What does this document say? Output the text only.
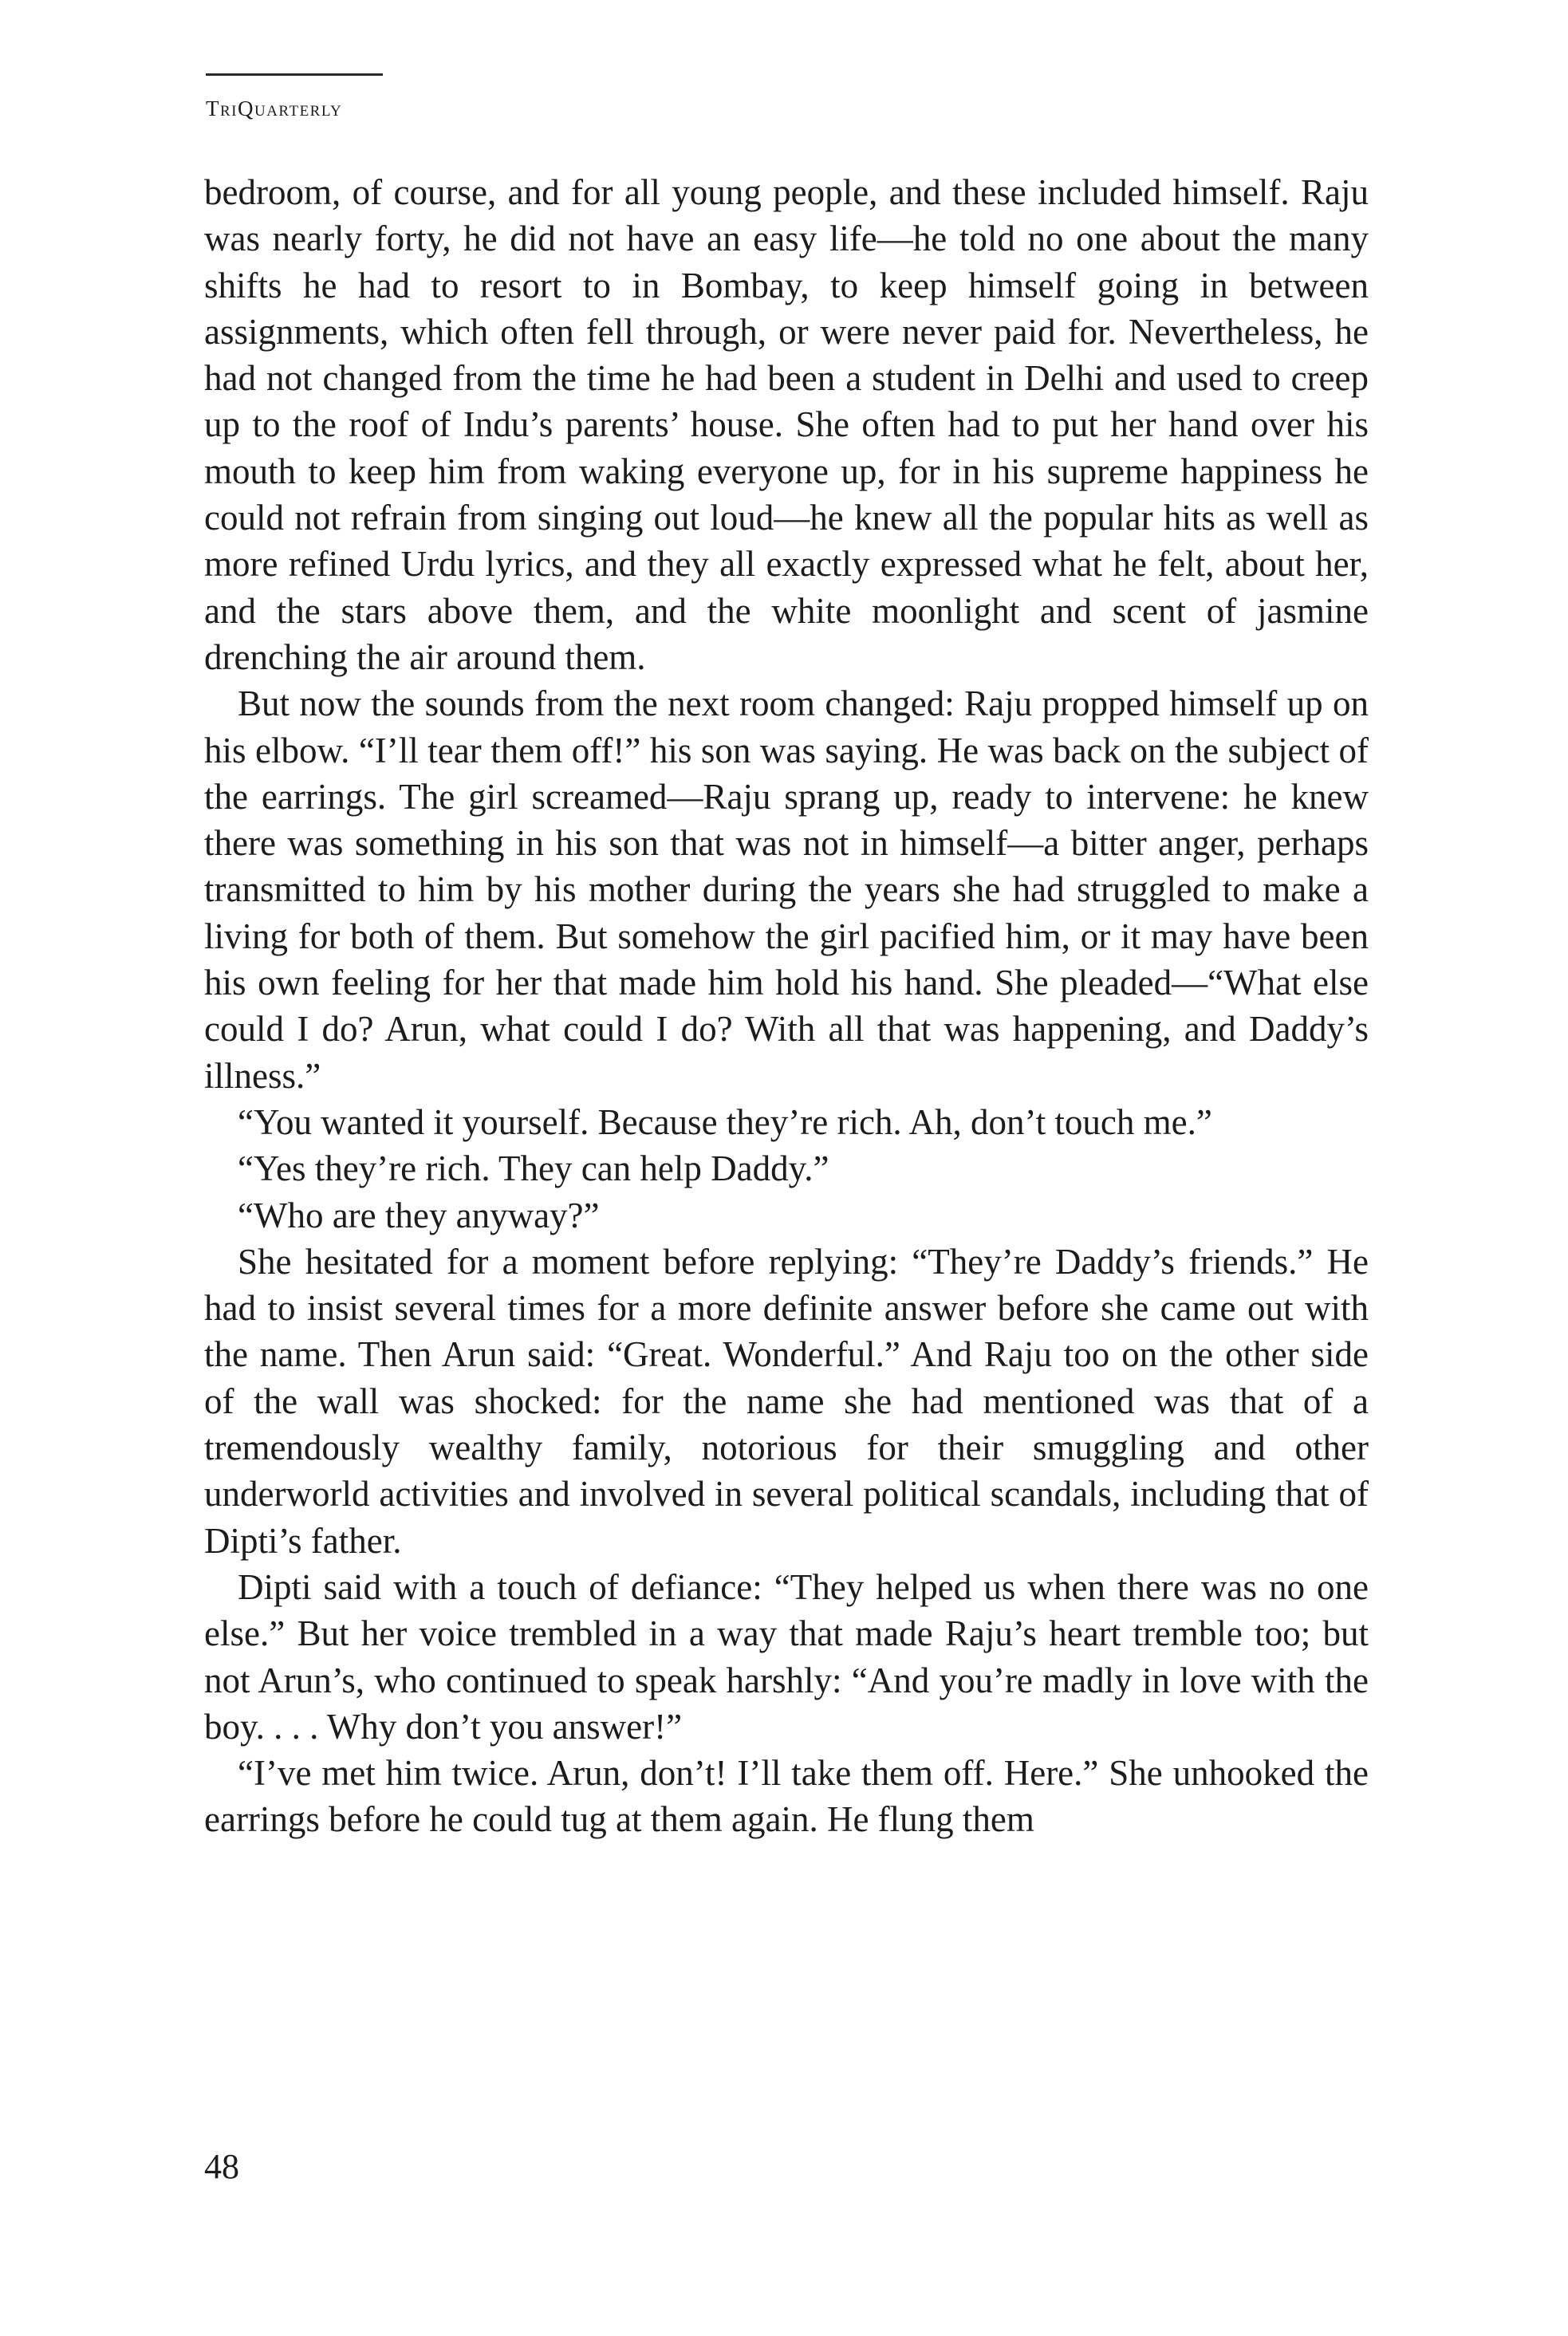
TriQuarterly

bedroom, of course, and for all young people, and these included himself. Raju was nearly forty, he did not have an easy life—he told no one about the many shifts he had to resort to in Bombay, to keep himself going in between assignments, which often fell through, or were never paid for. Nevertheless, he had not changed from the time he had been a student in Delhi and used to creep up to the roof of Indu’s parents’ house. She often had to put her hand over his mouth to keep him from waking everyone up, for in his supreme happiness he could not refrain from singing out loud—he knew all the popular hits as well as more refined Urdu lyrics, and they all exactly expressed what he felt, about her, and the stars above them, and the white moonlight and scent of jasmine drenching the air around them.

But now the sounds from the next room changed: Raju propped himself up on his elbow. “I’ll tear them off!” his son was saying. He was back on the subject of the earrings. The girl screamed—Raju sprang up, ready to intervene: he knew there was something in his son that was not in himself—a bitter anger, perhaps transmitted to him by his mother during the years she had struggled to make a living for both of them. But somehow the girl pacified him, or it may have been his own feeling for her that made him hold his hand. She pleaded—“What else could I do? Arun, what could I do? With all that was happening, and Daddy’s illness.”

“You wanted it yourself. Because they’re rich. Ah, don’t touch me.”

“Yes they’re rich. They can help Daddy.”

“Who are they anyway?”

She hesitated for a moment before replying: “They’re Daddy’s friends.” He had to insist several times for a more definite answer before she came out with the name. Then Arun said: “Great. Wonderful.” And Raju too on the other side of the wall was shocked: for the name she had mentioned was that of a tremendously wealthy family, notorious for their smuggling and other underworld activities and involved in several political scandals, including that of Dipti’s father.

Dipti said with a touch of defiance: “They helped us when there was no one else.” But her voice trembled in a way that made Raju’s heart tremble too; but not Arun’s, who continued to speak harshly: “And you’re madly in love with the boy. . . . Why don’t you answer!”

“I’ve met him twice. Arun, don’t! I’ll take them off. Here.” She unhooked the earrings before he could tug at them again. He flung them

48
